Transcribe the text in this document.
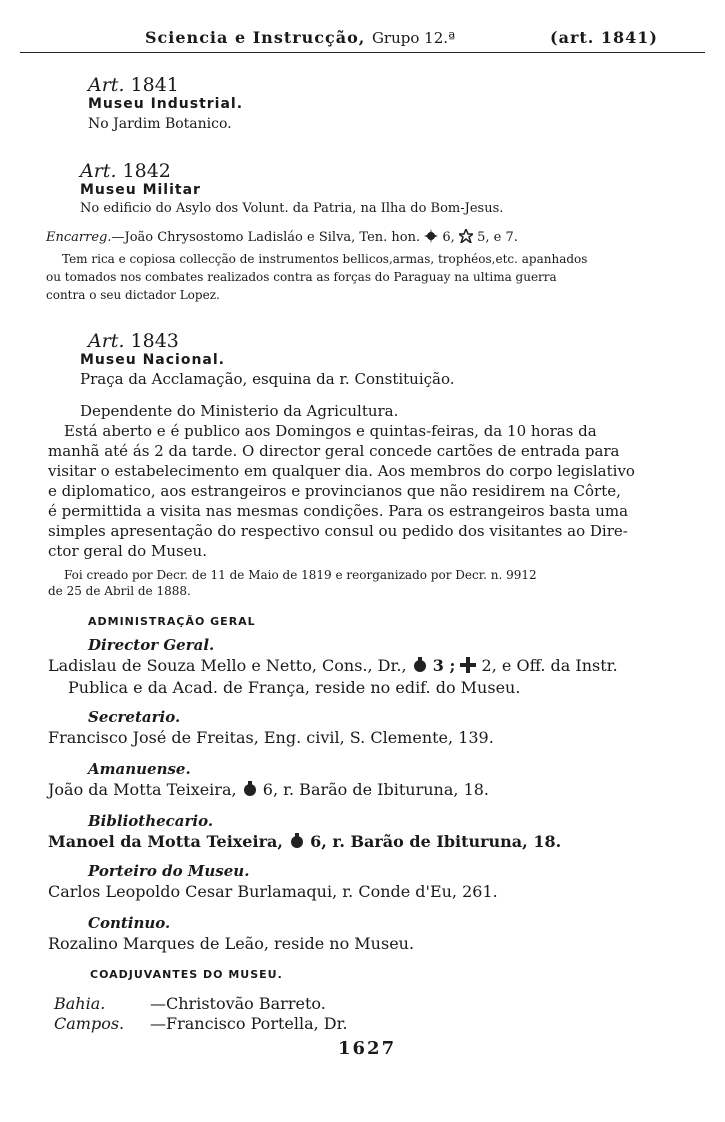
Sciencia e Instrucção, Grupo 12.ª	(art. 1841)
Art. 1841
Museu Industrial.
No Jardim Botanico.
Art. 1842
Museu Militar
No edificio do Asylo dos Volunt. da Patria, na Ilha do Bom-Jesus.
Encarreg.—João Chrysostomo Ladisláo e Silva, Ten. hon. 6, 5, e 7.
Tem rica e copiosa collecção de instrumentos bellicos,armas, trophéos,etc. apanhados
ou tomados nos combates realizados contra as forças do Paraguay na ultima guerra
contra o seu dictador Lopez.
Art. 1843
Museu Nacional.
Praça da Acclamação, esquina da r. Constituição.
Dependente do Ministerio da Agricultura.
Está aberto e é publico aos Domingos e quintas-feiras, da 10 horas da
manhã até ás 2 da tarde. O director geral concede cartões de entrada para
visitar o estabelecimento em qualquer dia. Aos membros do corpo legislativo
e diplomatico, aos estrangeiros e provincianos que não residirem na Côrte,
é permittida a visita nas mesmas condições. Para os estrangeiros basta uma
simples apresentação do respectivo consul ou pedido dos visitantes ao Dire-
ctor geral do Museu.
Foi creado por Decr. de 11 de Maio de 1819 e reorganizado por Decr. n. 9912
de 25 de Abril de 1888.
ADMINISTRAÇÃO GERAL
Director Geral.
Ladislau de Souza Mello e Netto, Cons., Dr., 3 ; 2, e Off. da Instr.
Publica e da Acad. de França, reside no edif. do Museu.
Secretario.
Francisco José de Freitas, Eng. civil, S. Clemente, 139.
Amanuense.
João da Motta Teixeira, 6, r. Barão de Ibituruna, 18.
Bibliothecario.
Manoel da Motta Teixeira, 6, r. Barão de Ibituruna, 18.
Porteiro do Museu.
Carlos Leopoldo Cesar Burlamaqui, r. Conde d'Eu, 261.
Continuo.
Rozalino Marques de Leão, reside no Museu.
COADJUVANTES DO MUSEU.
Bahia.	—Christovão Barreto.
Campos. —Francisco Portella, Dr.
1627
